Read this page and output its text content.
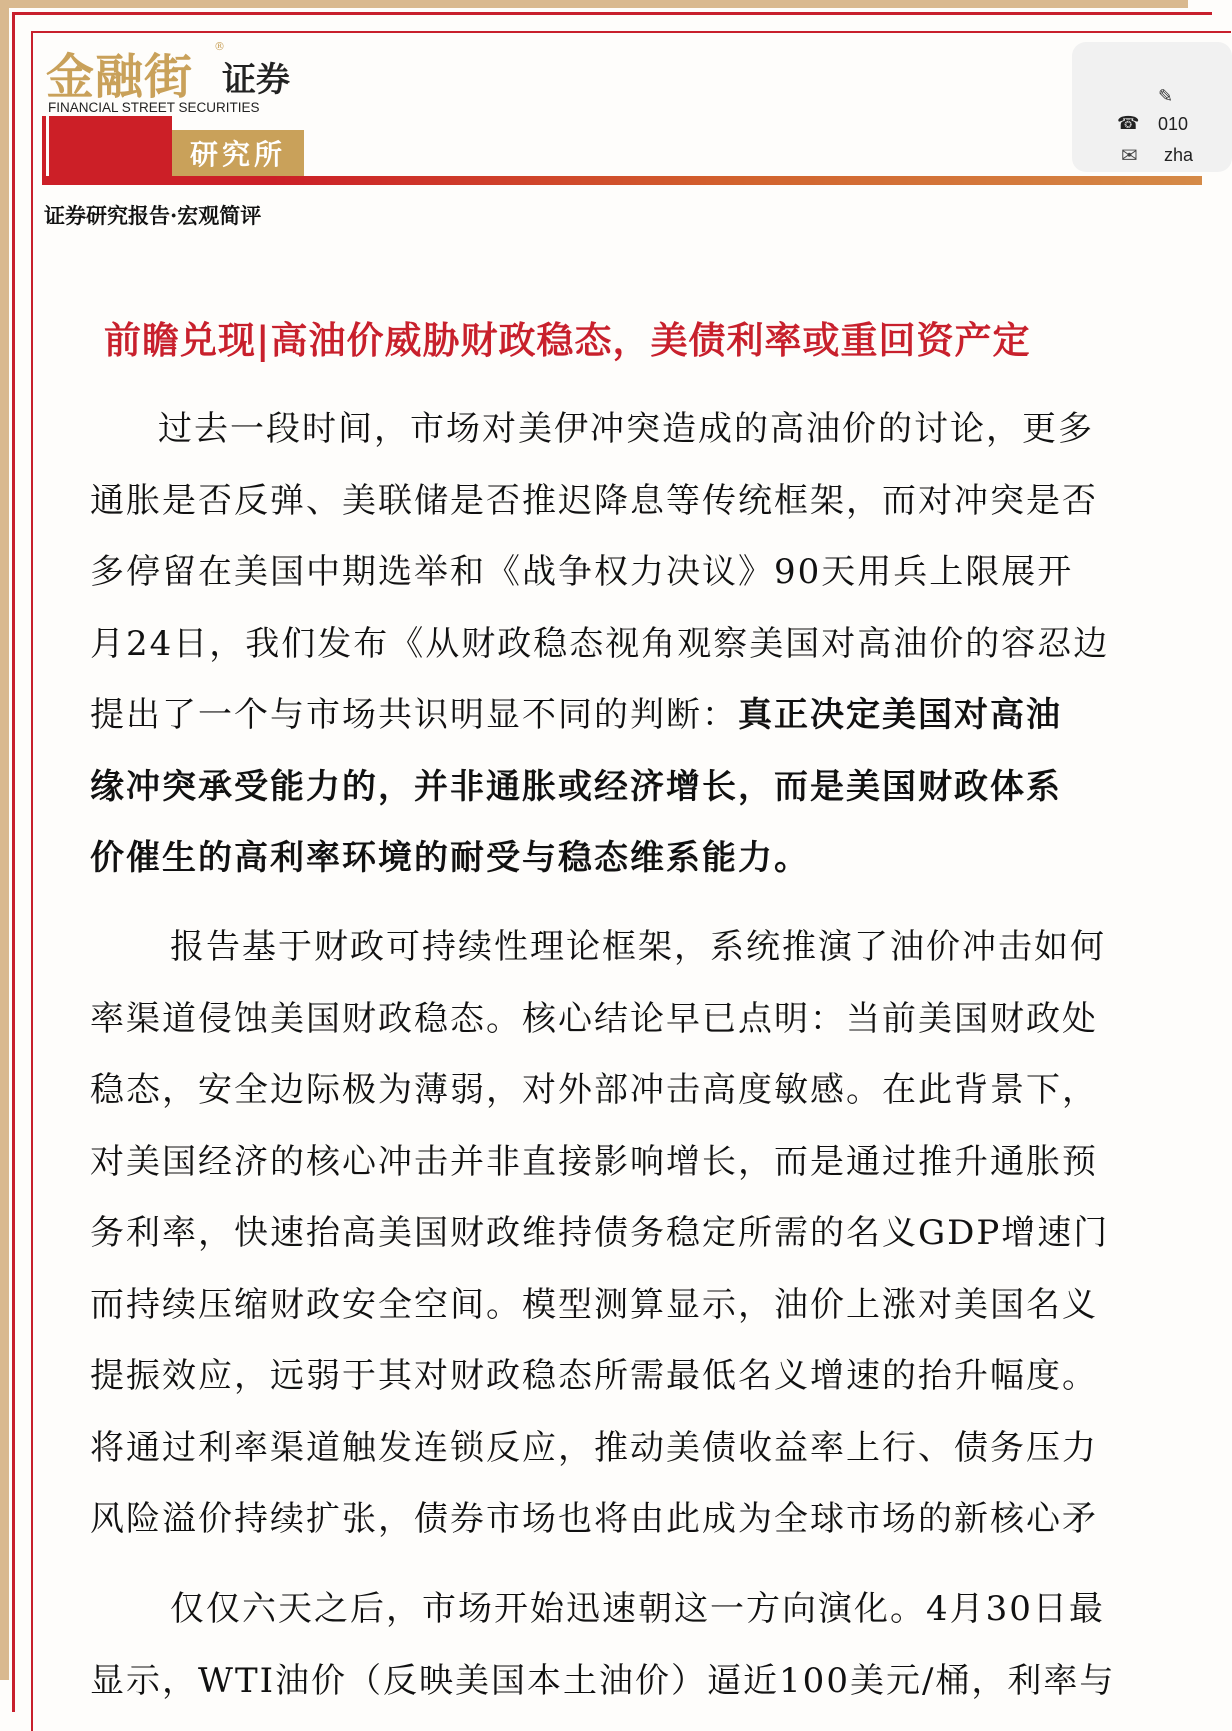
金融街
®
证券
FINANCIAL STREET SECURITIES
研究所
✎
☎ 010
✉ zha
证券研究报告·宏观简评
前瞻兑现|高油价威胁财政稳态，美债利率或重回资产定
过去一段时间，市场对美伊冲突造成的高油价的讨论，更多
通胀是否反弹、美联储是否推迟降息等传统框架，而对冲突是否
多停留在美国中期选举和《战争权力决议》90天用兵上限展开
月24日，我们发布《从财政稳态视角观察美国对高油价的容忍边
提出了一个与市场共识明显不同的判断：真正决定美国对高油
缘冲突承受能力的，并非通胀或经济增长，而是美国财政体系
价催生的高利率环境的耐受与稳态维系能力。
报告基于财政可持续性理论框架，系统推演了油价冲击如何
率渠道侵蚀美国财政稳态。核心结论早已点明：当前美国财政处
稳态，安全边际极为薄弱，对外部冲击高度敏感。在此背景下，
对美国经济的核心冲击并非直接影响增长，而是通过推升通胀预
务利率，快速抬高美国财政维持债务稳定所需的名义GDP增速门
而持续压缩财政安全空间。模型测算显示，油价上涨对美国名义
提振效应，远弱于其对财政稳态所需最低名义增速的抬升幅度。
将通过利率渠道触发连锁反应，推动美债收益率上行、债务压力
风险溢价持续扩张，债券市场也将由此成为全球市场的新核心矛
仅仅六天之后，市场开始迅速朝这一方向演化。4月30日最
显示，WTI油价（反映美国本土油价）逼近100美元/桶，利率与
